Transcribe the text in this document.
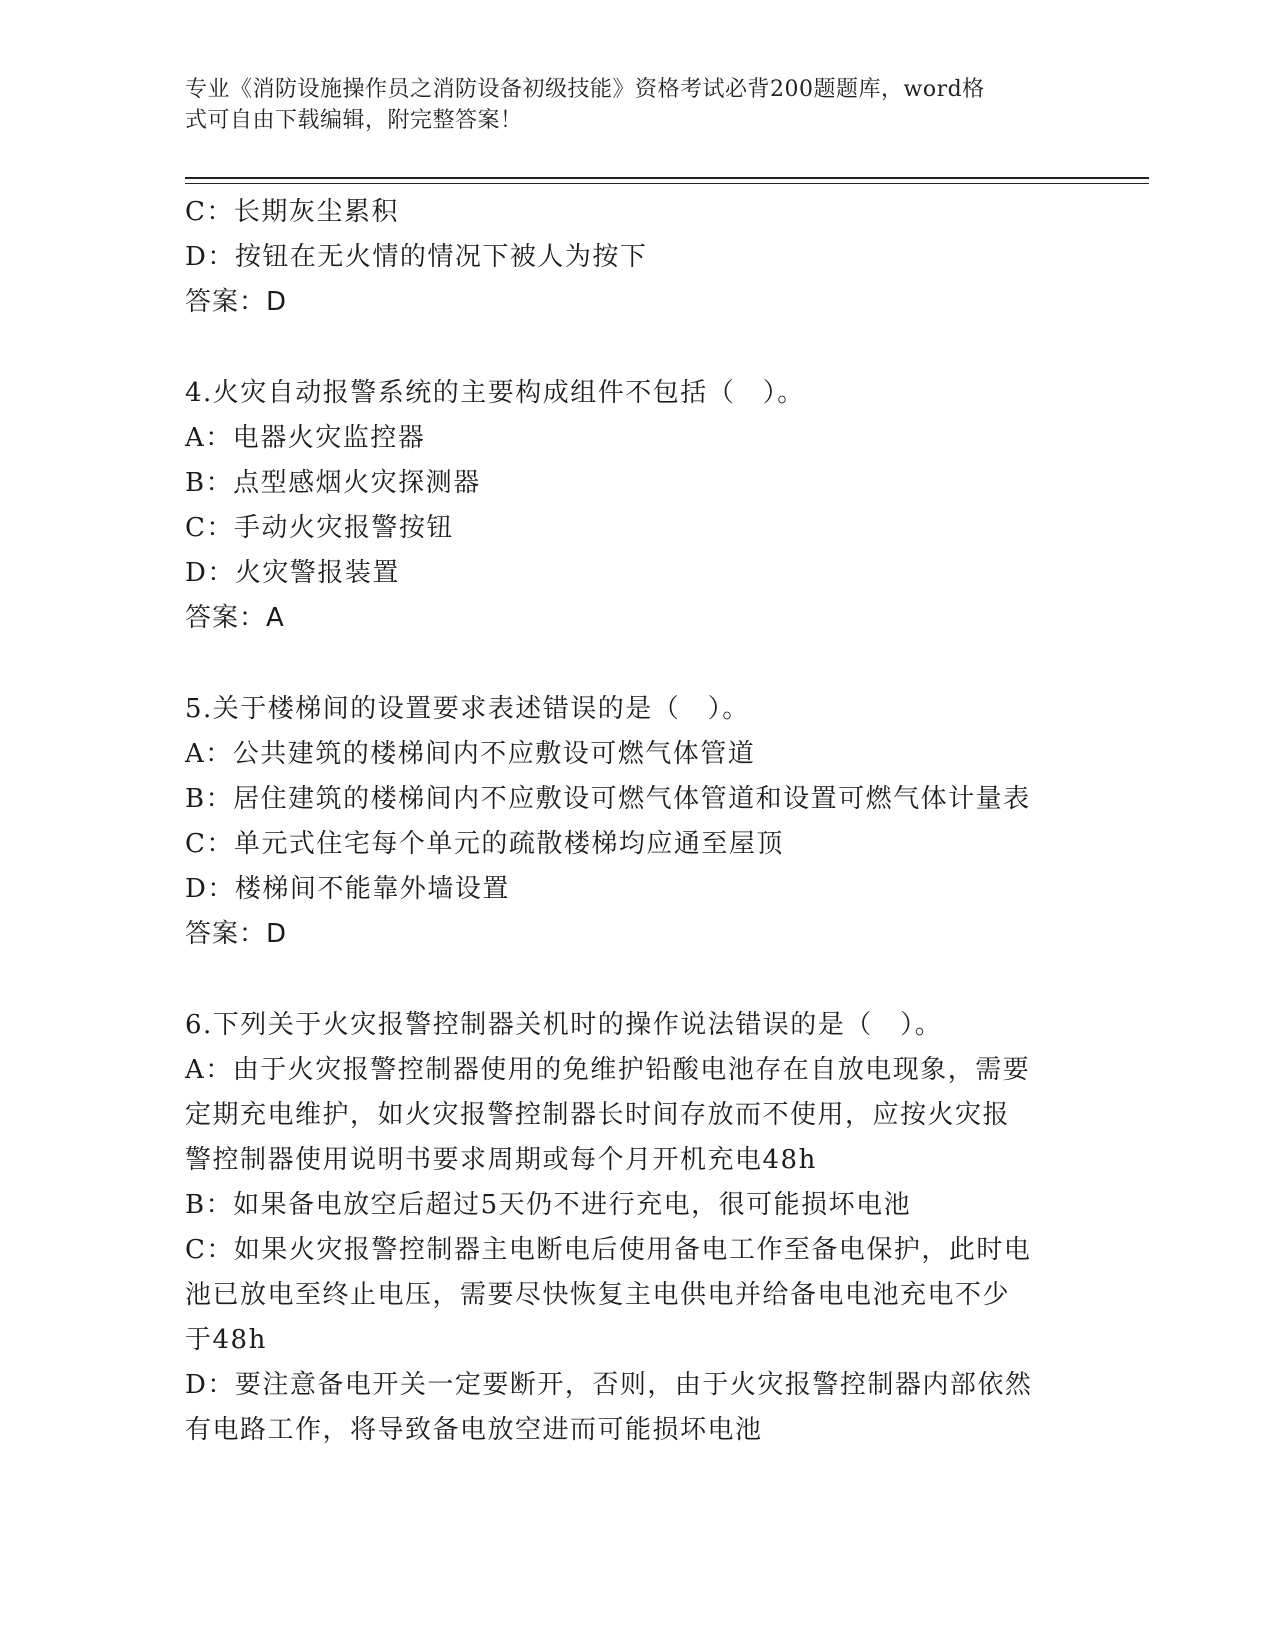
专业《消防设施操作员之消防设备初级技能》资格考试必背200题题库，word格
式可自由下载编辑，附完整答案！
C：长期灰尘累积
D：按钮在无火情的情况下被人为按下
答案：D
4.火灾自动报警系统的主要构成组件不包括（　）。
A：电器火灾监控器
B：点型感烟火灾探测器
C：手动火灾报警按钮
D：火灾警报装置
答案：A
5.关于楼梯间的设置要求表述错误的是（　）。
A：公共建筑的楼梯间内不应敷设可燃气体管道
B：居住建筑的楼梯间内不应敷设可燃气体管道和设置可燃气体计量表
C：单元式住宅每个单元的疏散楼梯均应通至屋顶
D：楼梯间不能靠外墙设置
答案：D
6.下列关于火灾报警控制器关机时的操作说法错误的是（　）。
A：由于火灾报警控制器使用的免维护铅酸电池存在自放电现象，需要
定期充电维护，如火灾报警控制器长时间存放而不使用，应按火灾报
警控制器使用说明书要求周期或每个月开机充电48h
B：如果备电放空后超过5天仍不进行充电，很可能损坏电池
C：如果火灾报警控制器主电断电后使用备电工作至备电保护，此时电
池已放电至终止电压，需要尽快恢复主电供电并给备电电池充电不少
于48h
D：要注意备电开关一定要断开，否则，由于火灾报警控制器内部依然
有电路工作，将导致备电放空进而可能损坏电池
